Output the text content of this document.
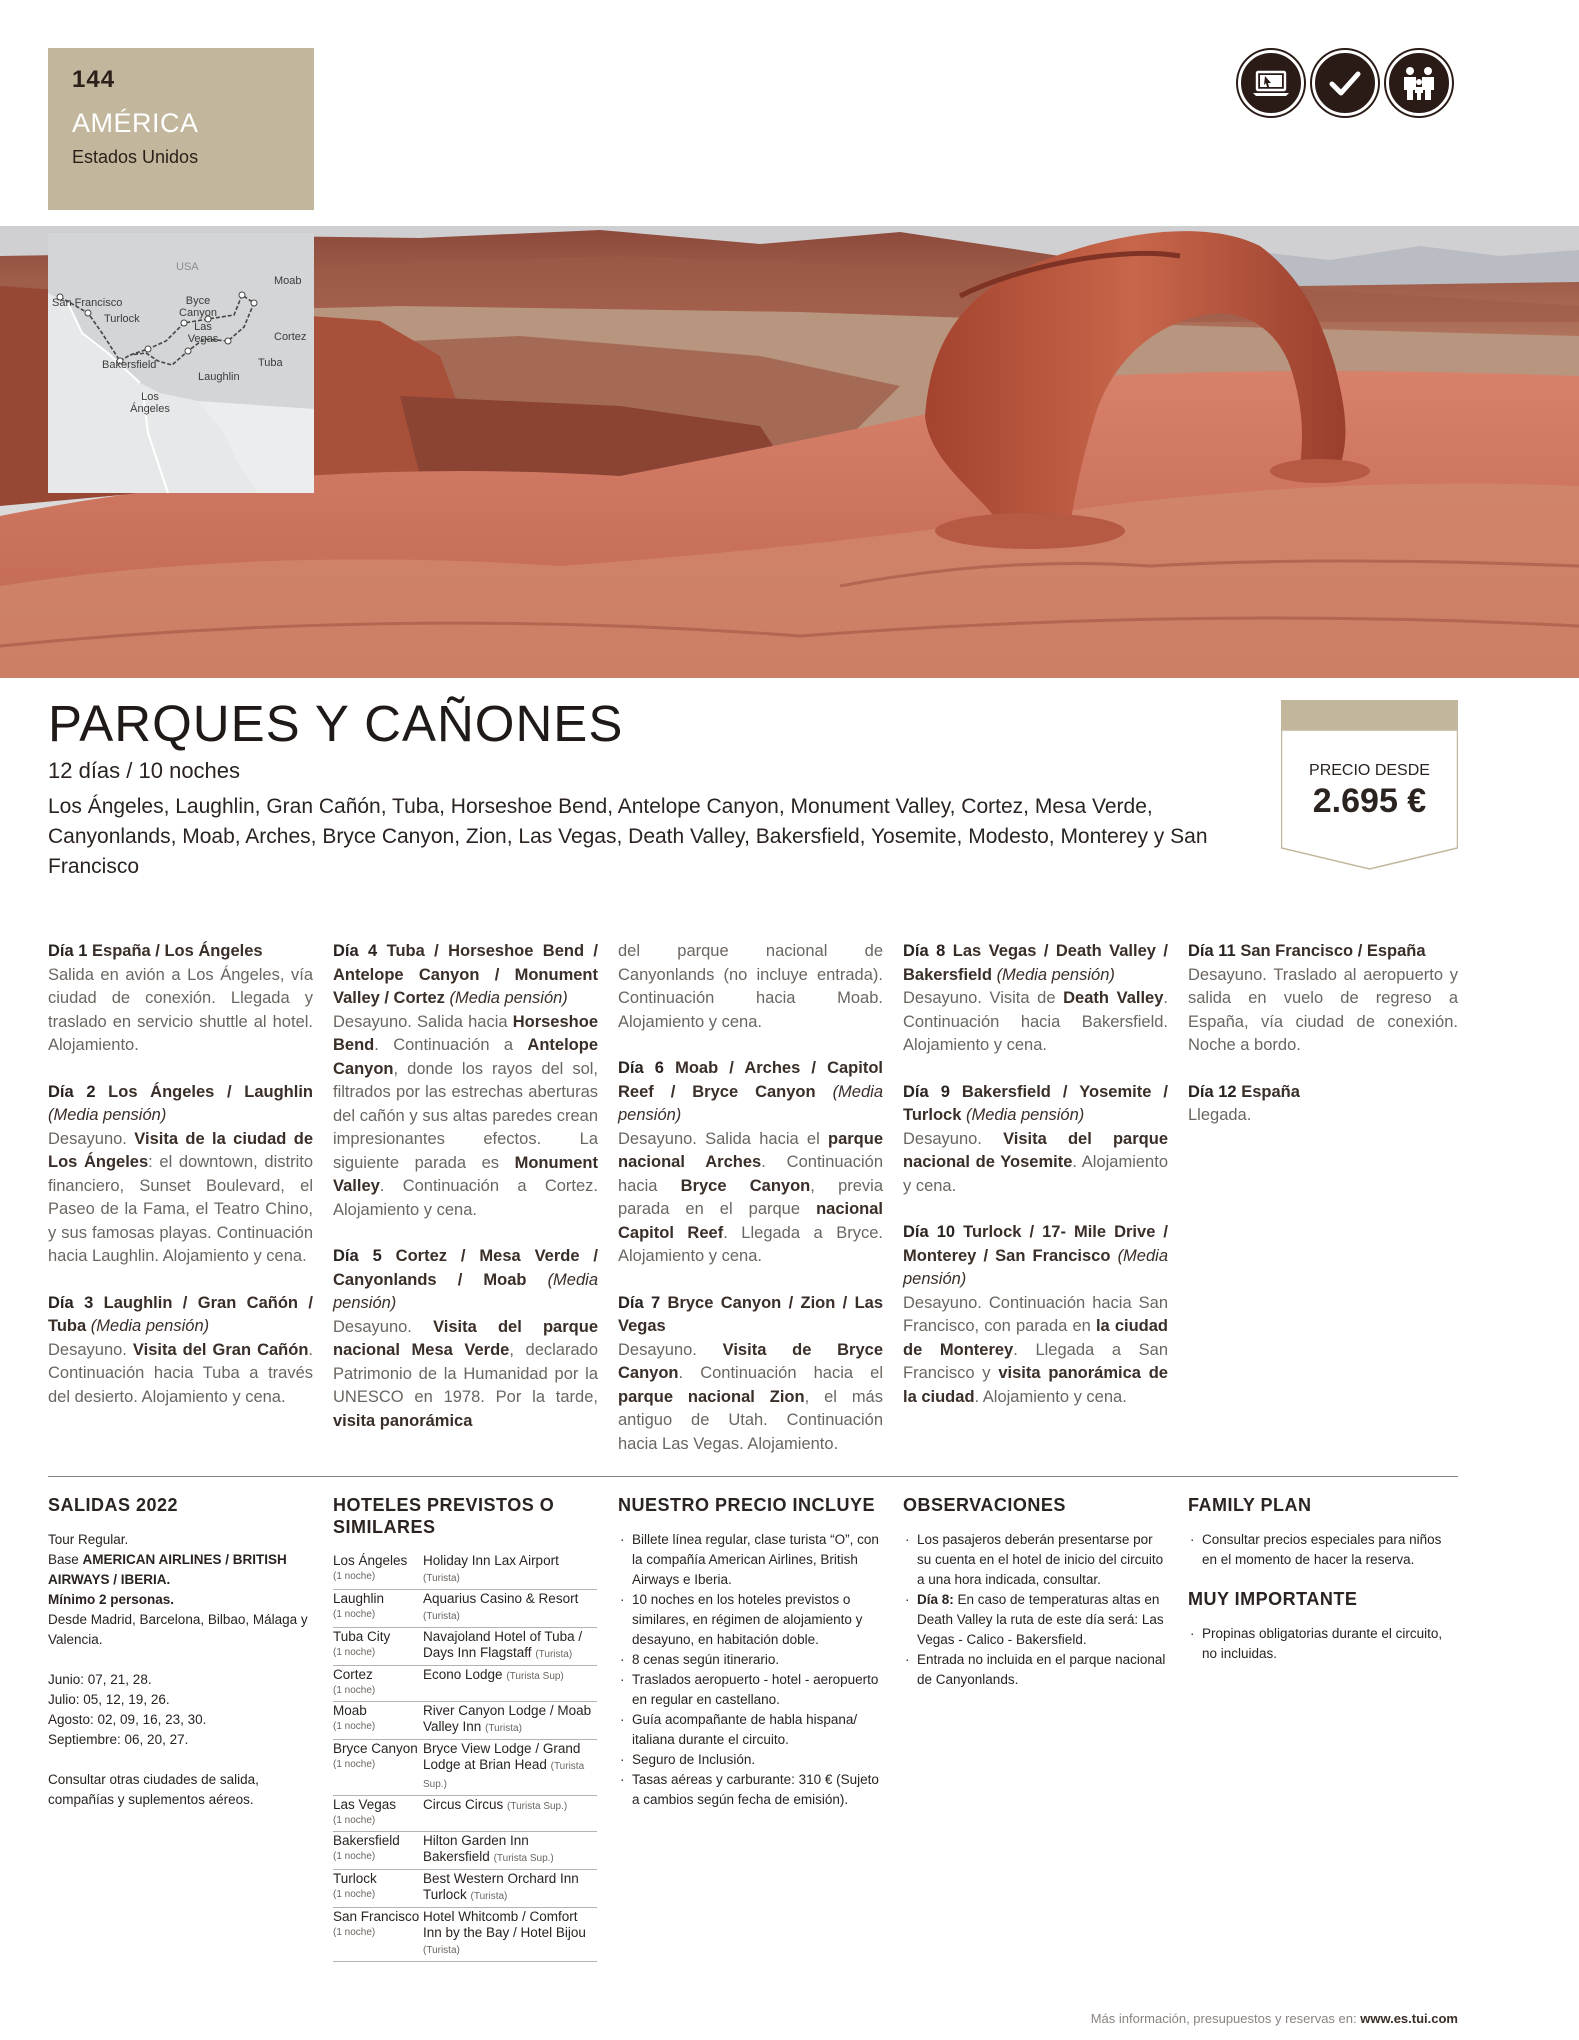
144
AMÉRICA
Estados Unidos
USA
San Francisco
Turlock
Byce Canyon
Moab
Las Vegas	Cortez
Bakersfield	Tuba
Laughlin
Los Ángeles
PARQUES Y CAÑONES
12 días / 10 noches
Los Ángeles, Laughlin, Gran Cañón, Tuba, Horseshoe Bend, Antelope Canyon, Monument Valley, Cortez, Mesa Verde, Canyonlands, Moab, Arches, Bryce Canyon, Zion, Las Vegas, Death Valley, Bakersfield, Yosemite, Modesto, Monterey y San Francisco
PRECIO DESDE
2.695 €
Día 1 España / Los Ángeles
Salida en avión a Los Ángeles, vía ciudad de conexión. Llegada y traslado en servicio shuttle al hotel. Alojamiento.
Día 2 Los Ángeles / Laughlin (Media pensión)
Desayuno. Visita de la ciudad de Los Ángeles: el downtown, distrito financiero, Sunset Boulevard, el Paseo de la Fama, el Teatro Chino, y sus famosas playas. Continuación hacia Laughlin. Alojamiento y cena.
Día 3 Laughlin / Gran Cañón / Tuba (Media pensión)
Desayuno. Visita del Gran Cañón. Continuación hacia Tuba a través del desierto. Alojamiento y cena.
Día 4 Tuba / Horseshoe Bend / Antelope Canyon / Monument Valley / Cortez (Media pensión)
Desayuno. Salida hacia Horseshoe Bend. Continuación a Antelope Canyon, donde los rayos del sol, filtrados por las estrechas aberturas del cañón y sus altas paredes crean impresionantes efectos. La siguiente parada es Monument Valley. Continuación a Cortez. Alojamiento y cena.
Día 5 Cortez / Mesa Verde / Canyonlands / Moab (Media pensión)
Desayuno. Visita del parque nacional Mesa Verde, declarado Patrimonio de la Humanidad por la UNESCO en 1978. Por la tarde, visita panorámica
del parque nacional de Canyonlands (no incluye entrada). Continuación hacia Moab. Alojamiento y cena.
Día 6 Moab / Arches / Capitol Reef / Bryce Canyon (Media pensión)
Desayuno. Salida hacia el parque nacional Arches. Continuación hacia Bryce Canyon, previa parada en el parque nacional Capitol Reef. Llegada a Bryce. Alojamiento y cena.
Día 7 Bryce Canyon / Zion / Las Vegas
Desayuno. Visita de Bryce Canyon. Continuación hacia el parque nacional Zion, el más antiguo de Utah. Continuación hacia Las Vegas. Alojamiento.
Día 8 Las Vegas / Death Valley / Bakersfield (Media pensión)
Desayuno. Visita de Death Valley. Continuación hacia Bakersfield. Alojamiento y cena.
Día 9 Bakersfield / Yosemite / Turlock (Media pensión)
Desayuno. Visita del parque nacional de Yosemite. Alojamiento y cena.
Día 10 Turlock / 17- Mile Drive / Monterey / San Francisco (Media pensión)
Desayuno. Continuación hacia San Francisco, con parada en la ciudad de Monterey. Llegada a San Francisco y visita panorámica de la ciudad. Alojamiento y cena.
Día 11 San Francisco / España
Desayuno. Traslado al aeropuerto y salida en vuelo de regreso a España, vía ciudad de conexión. Noche a bordo.
Día 12 España
Llegada.
SALIDAS 2022
Tour Regular.
Base AMERICAN AIRLINES / BRITISH AIRWAYS / IBERIA.
Mínimo 2 personas.
Desde Madrid, Barcelona, Bilbao, Málaga y Valencia.
Junio: 07, 21, 28.
Julio: 05, 12, 19, 26.
Agosto: 02, 09, 16, 23, 30.
Septiembre: 06, 20, 27.
Consultar otras ciudades de salida, compañías y suplementos aéreos.
HOTELES PREVISTOS O SIMILARES
Los Ángeles
(1 noche)	Holiday Inn Lax Airport (Turista)

Laughlin
(1 noche)	Aquarius Casino & Resort (Turista)

Tuba City
(1 noche)	Navajoland Hotel of Tuba / Days Inn Flagstaff (Turista)

Cortez
(1 noche)	Econo Lodge (Turista Sup)

Moab
(1 noche)	River Canyon Lodge / Moab Valley Inn (Turista)

Bryce Canyon
(1 noche)	Bryce View Lodge / Grand Lodge at Brian Head (Turista Sup.)

Las Vegas
(1 noche)	Circus Circus (Turista Sup.)

Bakersfield
(1 noche)	Hilton Garden Inn Bakersfield (Turista Sup.)

Turlock
(1 noche)	Best Western Orchard Inn Turlock (Turista)

San Francisco
(1 noche)	Hotel Whitcomb / Comfort Inn by the Bay / Hotel Bijou (Turista)
NUESTRO PRECIO INCLUYE
· Billete línea regular, clase turista “O”, con la compañía American Airlines, British Airways e Iberia.
· 10 noches en los hoteles previstos o similares, en régimen de alojamiento y desayuno, en habitación doble.
· 8 cenas según itinerario.
· Traslados aeropuerto - hotel - aeropuerto en regular en castellano.
· Guía acompañante de habla hispana/ italiana durante el circuito.
· Seguro de Inclusión.
· Tasas aéreas y carburante: 310 € (Sujeto a cambios según fecha de emisión).
OBSERVACIONES
· Los pasajeros deberán presentarse por su cuenta en el hotel de inicio del circuito a una hora indicada, consultar.
· Día 8: En caso de temperaturas altas en Death Valley la ruta de este día será: Las Vegas - Calico - Bakersfield.
· Entrada no incluida en el parque nacional de Canyonlands.
FAMILY PLAN
· Consultar precios especiales para niños en el momento de hacer la reserva.
MUY IMPORTANTE
· Propinas obligatorias durante el circuito, no incluidas.
Más información, presupuestos y reservas en: www.es.tui.com
